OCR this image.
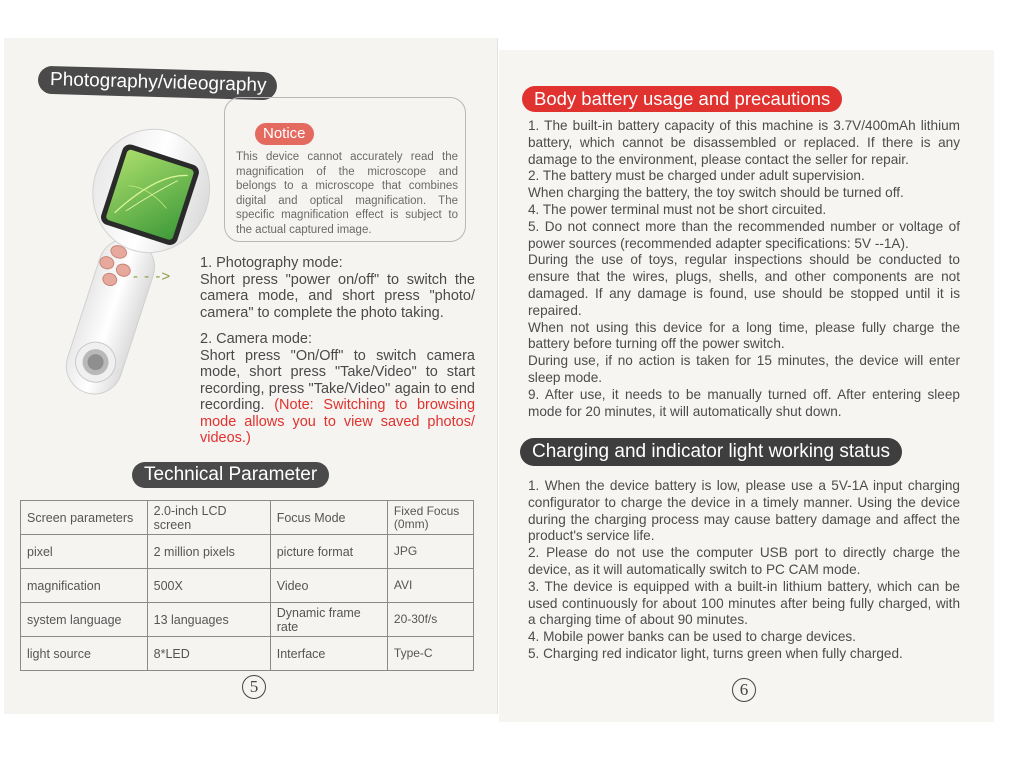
Photography/videography
Notice
This device cannot accurately read the magnification of the microscope and belongs to a microscope that combines digital and optical magnification. The specific magnification effect is subject to the actual captured image.
- - ->
1. Photography mode:
Short press "power on/off" to switch the camera mode, and short press "photo/ camera" to complete the photo taking.
2. Camera mode:
Short press "On/Off" to switch camera mode, short press "Take/Video" to start recording, press "Take/Video" again to end recording. (Note: Switching to browsing mode allows you to view saved photos/ videos.)
Technical Parameter
Screen parameters	2.0-inch LCD screen	Focus Mode	Fixed Focus (0mm)
pixel	2 million pixels	picture format	JPG
magnification	500X	Video	AVI
system language	13 languages	Dynamic frame rate	20-30f/s
light source	8*LED	Interface	Type-C
5
Body battery usage and precautions

1. The built-in battery capacity of this machine is 3.7V/400mAh lithium battery, which cannot be disassembled or replaced. If there is any damage to the environment, please contact the seller for repair.

2. The battery must be charged under adult supervision.

When charging the battery, the toy switch should be turned off.

4. The power terminal must not be short circuited.

5. Do not connect more than the recommended number or voltage of power sources (recommended adapter specifications: 5V --1A).

During the use of toys, regular inspections should be conducted to ensure that the wires, plugs, shells, and other components are not damaged. If any damage is found, use should be stopped until it is repaired.

When not using this device for a long time, please fully charge the battery before turning off the power switch.

During use, if no action is taken for 15 minutes, the device will enter sleep mode.

9. After use, it needs to be manually turned off. After entering sleep mode for 20 minutes, it will automatically shut down.

Charging and indicator light working status

1. When the device battery is low, please use a 5V-1A input charging configurator to charge the device in a timely manner. Using the device during the charging process may cause battery damage and affect the product's service life.

2. Please do not use the computer USB port to directly charge the device, as it will automatically switch to PC CAM mode.

3. The device is equipped with a built-in lithium battery, which can be used continuously for about 100 minutes after being fully charged, with a charging time of about 90 minutes.

4. Mobile power banks can be used to charge devices.

5. Charging red indicator light, turns green when fully charged.

6
